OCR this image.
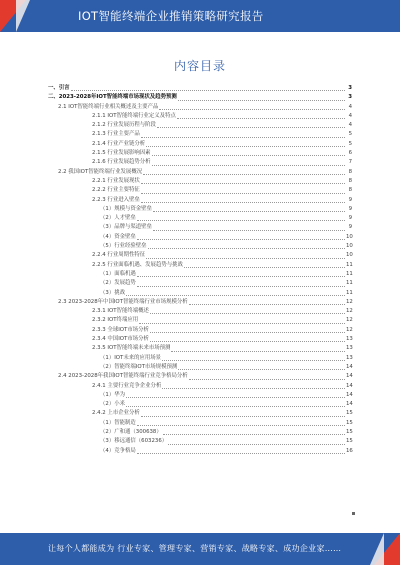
IOT智能终端企业推销策略研究报告
内容目录
一、引言	3
二、2023-2028年IOT智能终端市场现状及趋势预测	3
2.1 IOT智能终端行业相关概述及主要产品	4
2.1.1 IOT智能终端行业定义及特点	4
2.1.2 行业发展历程与阶段	4
2.1.3 行业主要产品	5
2.1.4 行业产业链分析	5
2.1.5 行业发展影响因素	6
2.1.6 行业发展趋势分析	7
2.2 我国IOT智能终端行业发展概况	8
2.2.1 行业发展现状	8
2.2.2 行业主要特征	8
2.2.3 行业进入壁垒	9
（1）规模与资金壁垒	9
（2）人才壁垒	9
（3）品牌与渠道壁垒	9
（4）资金壁垒	10
（5）行业经验壁垒	10
2.2.4 行业周期性特征	10
2.2.5 行业面临机遇、发展趋势与挑战	11
（1）面临机遇	11
（2）发展趋势	11
（3）挑战	11
2.3 2023-2028年中国IOT智能终端行业市场规模分析	12
2.3.1 IOT智能终端概述	12
2.3.2 IOT终端应用	12
2.3.3 全球IOT市场分析	12
2.3.4 中国IOT市场分析	13
2.3.5 IOT智能终端未来市场预测	13
（1）IOT未来的应用场景	13
（2）智能终端IOT市场规模预测	14
2.4 2023-2028年我国IOT智能终端行业竞争格局分析	14
2.4.1 主要行业竞争企业分析	14
（1）华为	14
（2）小米	14
2.4.2 上市企业分析	15
（1）智能制造	15
（2）广和通（300638）	15
（3）移远通信（603236）	15
（4）竞争格局	16
让每个人都能成为 行业专家、管理专家、营销专家、战略专家、成功企业家……
